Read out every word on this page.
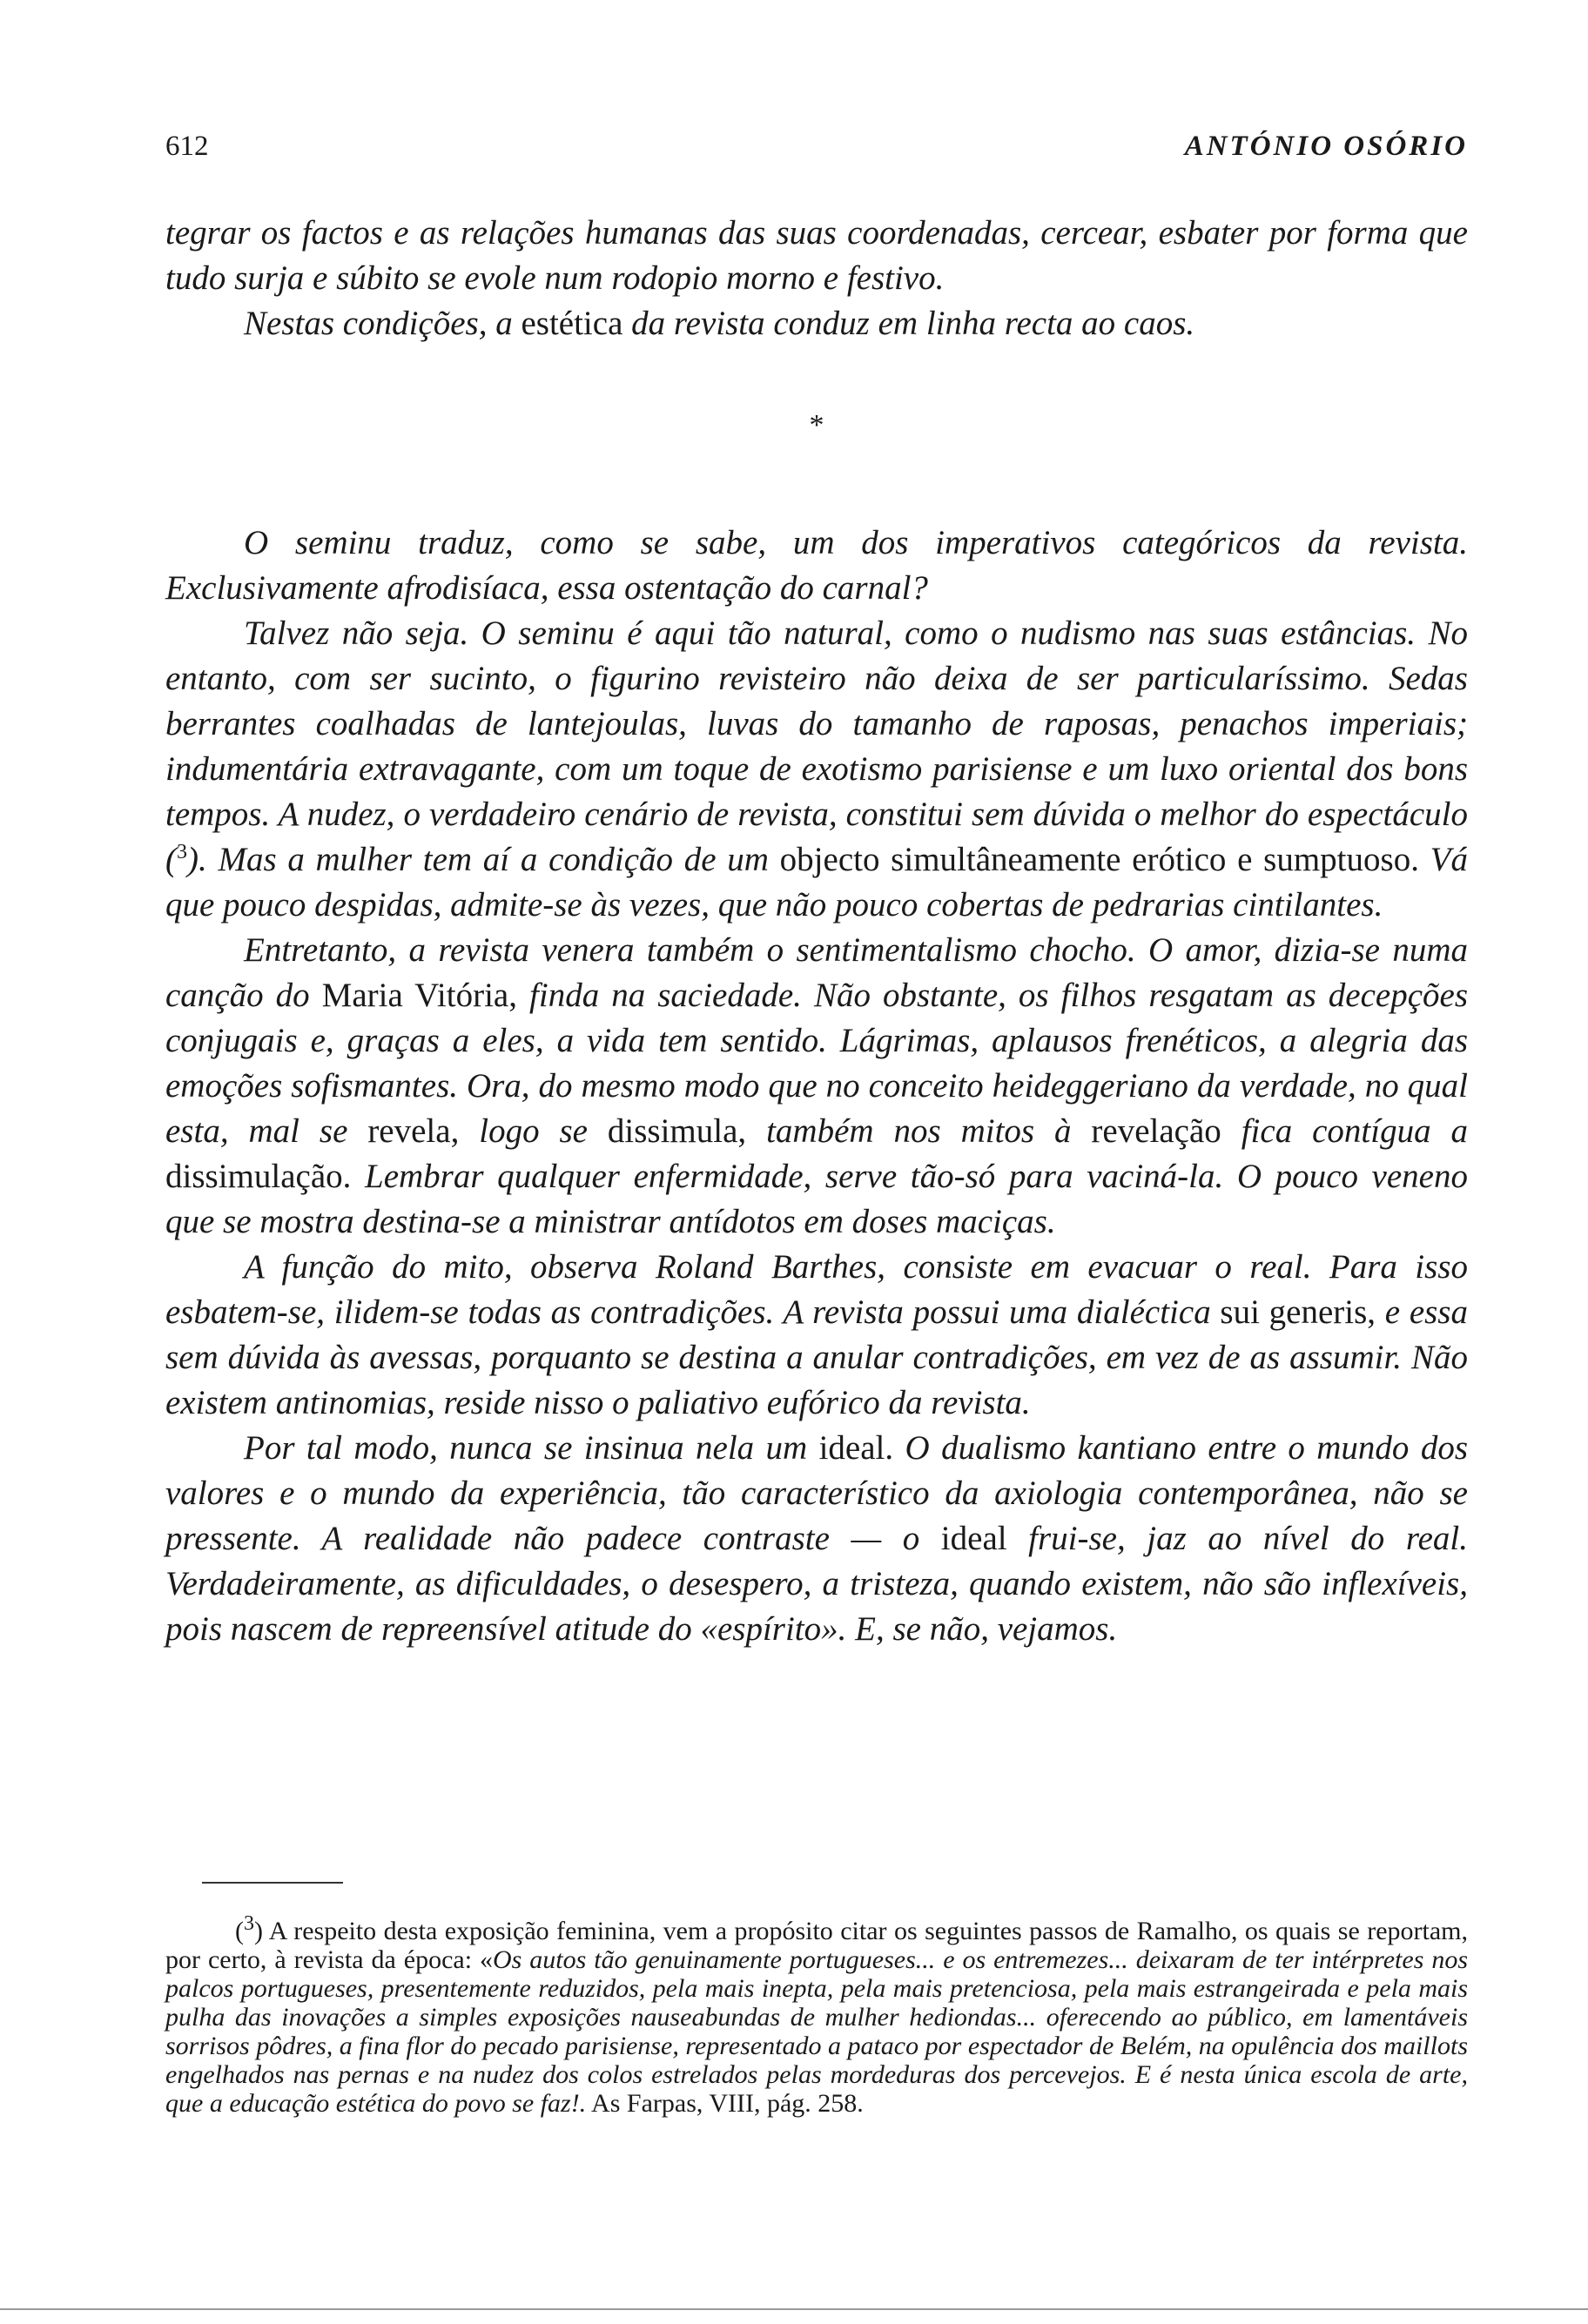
612	ANTÓNIO OSÓRIO

tegrar os factos e as relações humanas das suas coordenadas, cercear, esbater por forma que tudo surja e súbito se evole num rodopio morno e festivo.

Nestas condições, a estética da revista conduz em linha recta ao caos.

*

O seminu traduz, como se sabe, um dos imperativos categóricos da revista. Exclusivamente afrodisíaca, essa ostentação do carnal?

Talvez não seja. O seminu é aqui tão natural, como o nudismo nas suas estâncias. No entanto, com ser sucinto, o figurino revisteiro não deixa de ser particularíssimo. Sedas berrantes coalhadas de lantejoulas, luvas do tamanho de raposas, penachos imperiais; indumentária extravagante, com um toque de exotismo parisiense e um luxo oriental dos bons tempos. A nudez, o verdadeiro cenário de revista, constitui sem dúvida o melhor do espectáculo ($^3$). Mas a mulher tem aí a condição de um objecto simultâneamente erótico e sumptuoso. Vá que pouco despidas, admite-se às vezes, que não pouco cobertas de pedrarias cintilantes.

Entretanto, a revista venera também o sentimentalismo chocho. O amor, dizia-se numa canção do Maria Vitória, finda na saciedade. Não obstante, os filhos resgatam as decepções conjugais e, graças a eles, a vida tem sentido. Lágrimas, aplausos frenéticos, a alegria das emoções sofismantes. Ora, do mesmo modo que no conceito heideggeriano da verdade, no qual esta, mal se revela, logo se dissimula, também nos mitos à revelação fica contígua a dissimulação. Lembrar qualquer enfermidade, serve tão-só para vaciná-la. O pouco veneno que se mostra destina-se a ministrar antídotos em doses maciças.

A função do mito, observa Roland Barthes, consiste em evacuar o real. Para isso esbatem-se, ilidem-se todas as contradições. A revista possui uma dialéctica sui generis, e essa sem dúvida às avessas, porquanto se destina a anular contradições, em vez de as assumir. Não existem antinomias, reside nisso o paliativo eufórico da revista.

Por tal modo, nunca se insinua nela um ideal. O dualismo kantiano entre o mundo dos valores e o mundo da experiência, tão característico da axiologia contemporânea, não se pressente. A realidade não padece contraste — o ideal frui-se, jaz ao nível do real. Verdadeiramente, as dificuldades, o desespero, a tristeza, quando existem, não são inflexíveis, pois nascem de repreensível atitude do «espírito». E, se não, vejamos.

($^3$) A respeito desta exposição feminina, vem a propósito citar os seguintes passos de Ramalho, os quais se reportam, por certo, à revista da época: «Os autos tão genuinamente portugueses... e os entremezes... deixaram de ter intérpretes nos palcos portugueses, presentemente reduzidos, pela mais inepta, pela mais pretenciosa, pela mais estrangeirada e pela mais pulha das inovações a simples exposições nauseabundas de mulher hediondas... oferecendo ao público, em lamentáveis sorrisos pôdres, a fina flor do pecado parisiense, representado a pataco por espectador de Belém, na opulência dos maillots engelhados nas pernas e na nudez dos colos estrelados pelas mordeduras dos percevejos. E é nesta única escola de arte, que a educação estética do povo se faz!. As Farpas, VIII, pág. 258.
